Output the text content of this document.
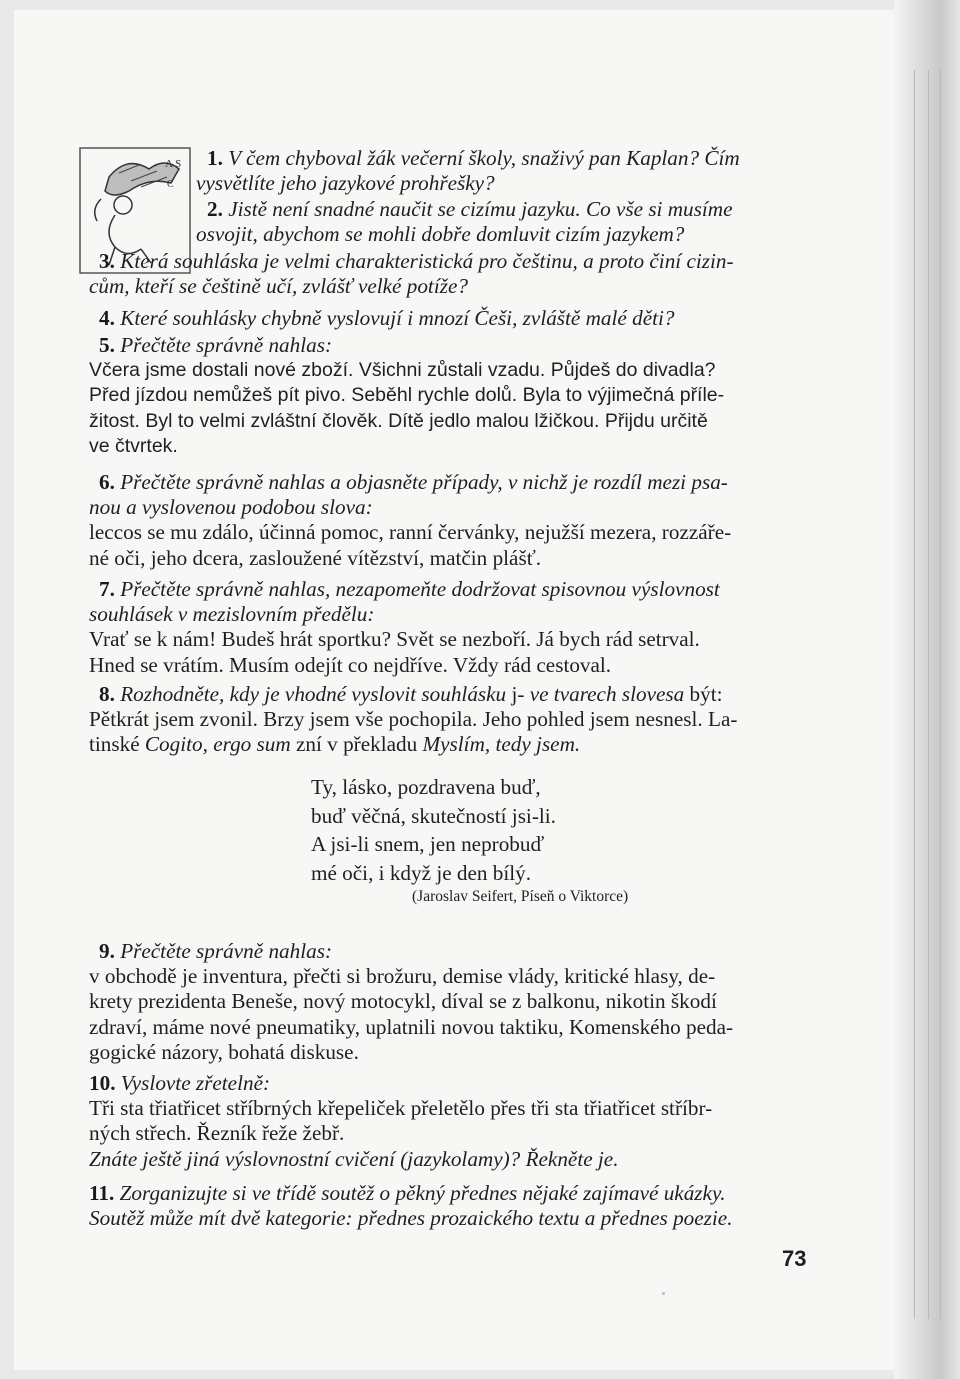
A S
C

1. V čem chyboval žák večerní školy, snaživý pan Kaplan? Čím

vysvětlíte jeho jazykové prohřešky?

2. Jistě není snadné naučit se cizímu jazyku. Co vše si musíme

osvojit, abychom se mohli dobře domluvit cizím jazykem?

3. Která souhláska je velmi charakteristická pro češtinu, a proto činí cizin-

cům, kteří se češtině učí, zvlášť velké potíže?

4. Které souhlásky chybně vyslovují i mnozí Češi, zvláště malé děti?

5. Přečtěte správně nahlas:

Včera jsme dostali nové zboží. Všichni zůstali vzadu. Půjdeš do divadla?

Před jízdou nemůžeš pít pivo. Seběhl rychle dolů. Byla to výjimečná příle-

žitost. Byl to velmi zvláštní člověk. Dítě jedlo malou lžičkou. Přijdu určitě

ve čtvrtek.

6. Přečtěte správně nahlas a objasněte případy, v nichž je rozdíl mezi psa-

nou a vyslovenou podobou slova:

leccos se mu zdálo, účinná pomoc, ranní červánky, nejužší mezera, rozzáře-

né oči, jeho dcera, zasloužené vítězství, matčin plášť.

7. Přečtěte správně nahlas, nezapomeňte dodržovat spisovnou výslovnost

souhlásek v mezislovním předělu:

Vrať se k nám! Budeš hrát sportku? Svět se nezboří. Já bych rád setrval.

Hned se vrátím. Musím odejít co nejdříve. Vždy rád cestoval.

8. Rozhodněte, kdy je vhodné vyslovit souhlásku j- ve tvarech slovesa být:

Pětkrát jsem zvonil. Brzy jsem vše pochopila. Jeho pohled jsem nesnesl. La-

tinské Cogito, ergo sum zní v překladu Myslím, tedy jsem.

Ty, lásko, pozdravena buď,

buď věčná, skutečností jsi-li.

A jsi-li snem, jen neprobuď

mé oči, i když je den bílý.

(Jaroslav Seifert, Píseň o Viktorce)

9. Přečtěte správně nahlas:

v obchodě je inventura, přečti si brožuru, demise vlády, kritické hlasy, de-

krety prezidenta Beneše, nový motocykl, díval se z balkonu, nikotin škodí

zdraví, máme nové pneumatiky, uplatnili novou taktiku, Komenského peda-

gogické názory, bohatá diskuse.

10. Vyslovte zřetelně:

Tři sta třiatřicet stříbrných křepeliček přeletělo přes tři sta třiatřicet stříbr-

ných střech. Řezník řeže žebř.

Znáte ještě jiná výslovnostní cvičení (jazykolamy)? Řekněte je.

11. Zorganizujte si ve třídě soutěž o pěkný přednes nějaké zajímavé ukázky.

Soutěž může mít dvě kategorie: přednes prozaického textu a přednes poezie.

73
